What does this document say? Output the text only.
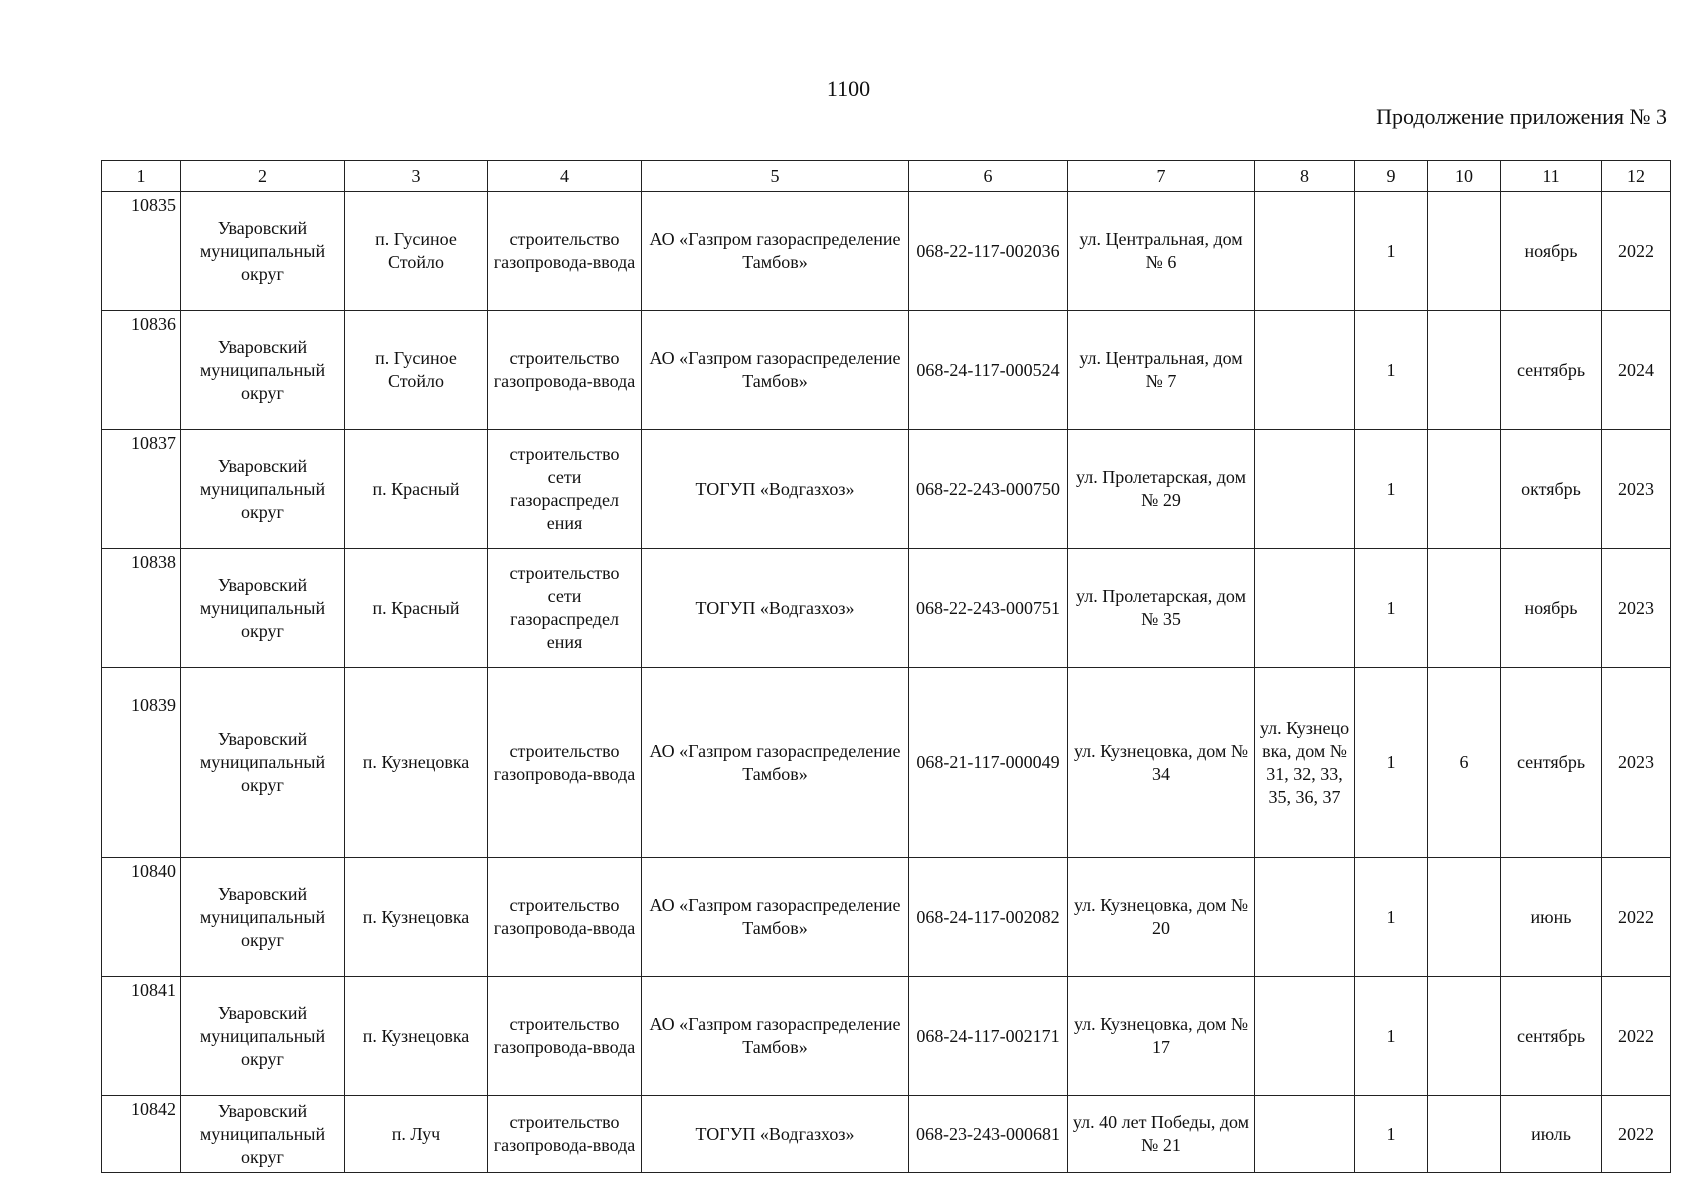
1100
Продолжение приложения № 3
1	2	3	4	5	6	7	8	9	10	11	12
10835	Уваровский муниципальный округ	п. Гусиное Стойло	строительство газопровода-ввода	АО «Газпром газораспределение Тамбов»	068-22-117-002036	ул. Центральная, дом № 6		1		ноябрь	2022
10836	Уваровский муниципальный округ	п. Гусиное Стойло	строительство газопровода-ввода	АО «Газпром газораспределение Тамбов»	068-24-117-000524	ул. Центральная, дом № 7		1		сентябрь	2024
10837	Уваровский муниципальный округ	п. Красный	строительство сети газораспредел ения	ТОГУП «Водгазхоз»	068-22-243-000750	ул. Пролетарская, дом № 29		1		октябрь	2023
10838	Уваровский муниципальный округ	п. Красный	строительство сети газораспредел ения	ТОГУП «Водгазхоз»	068-22-243-000751	ул. Пролетарская, дом № 35		1		ноябрь	2023
10839	Уваровский муниципальный округ	п. Кузнецовка	строительство газопровода-ввода	АО «Газпром газораспределение Тамбов»	068-21-117-000049	ул. Кузнецовка, дом № 34	ул. Кузнецо вка, дом № 31, 32, 33, 35, 36, 37	1	6	сентябрь	2023
10840	Уваровский муниципальный округ	п. Кузнецовка	строительство газопровода-ввода	АО «Газпром газораспределение Тамбов»	068-24-117-002082	ул. Кузнецовка, дом № 20		1		июнь	2022
10841	Уваровский муниципальный округ	п. Кузнецовка	строительство газопровода-ввода	АО «Газпром газораспределение Тамбов»	068-24-117-002171	ул. Кузнецовка, дом № 17		1		сентябрь	2022
10842	Уваровский муниципальный округ	п. Луч	строительство газопровода-ввода	ТОГУП «Водгазхоз»	068-23-243-000681	ул. 40 лет Победы, дом № 21		1		июль	2022
